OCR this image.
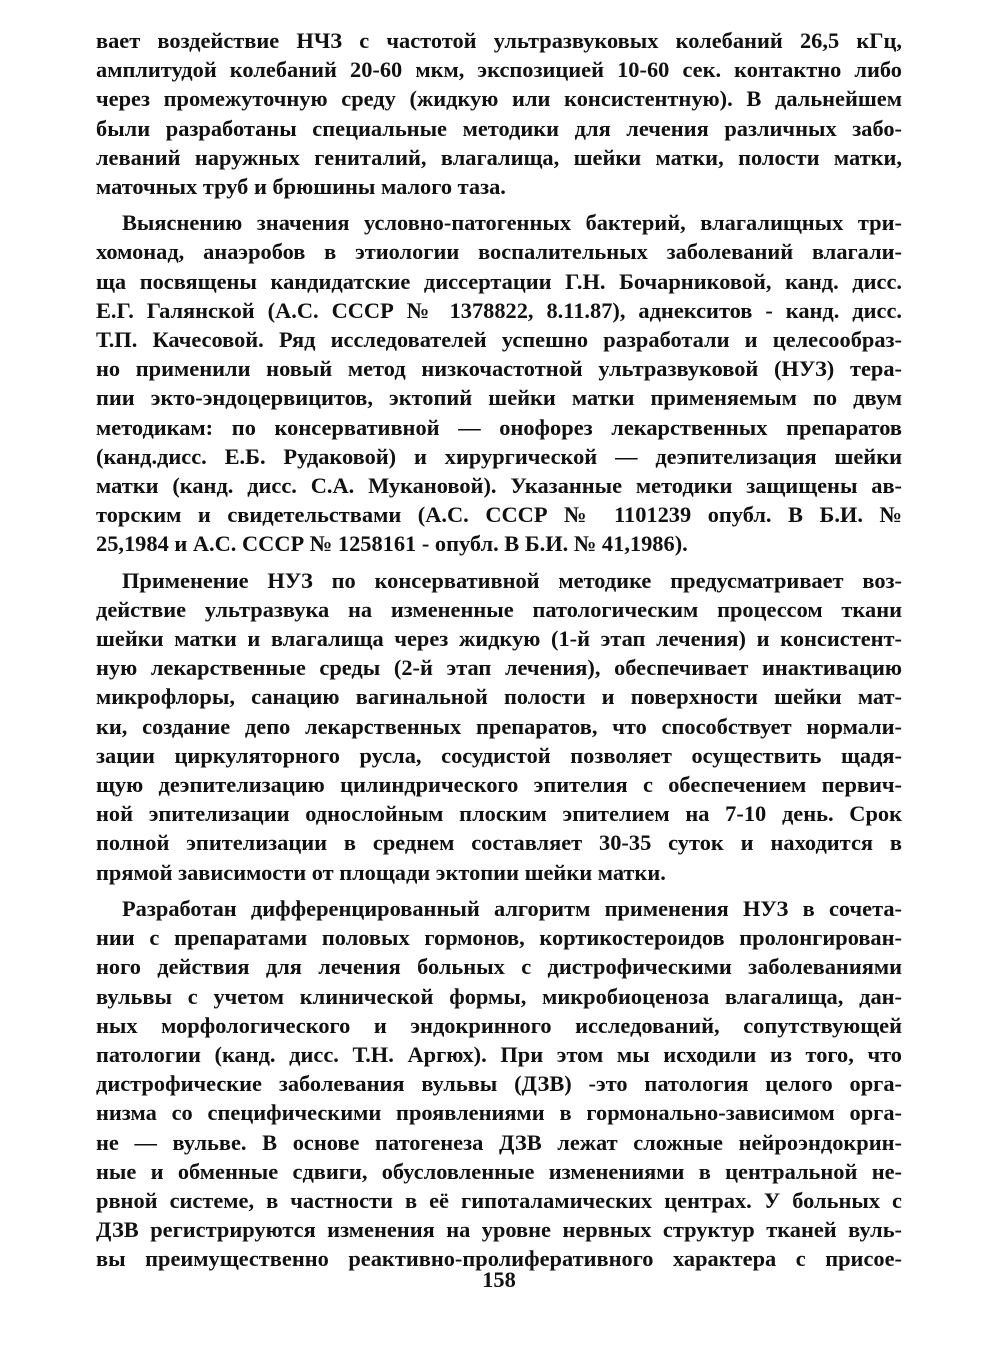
вает воздействие НЧЗ с частотой ультразвуковых колебаний 26,5 кГц,
амплитудой колебаний 20-60 мкм, экспозицией 10-60 сек. контактно либо
через промежуточную среду (жидкую или консистентную). В дальнейшем
были разработаны специальные методики для лечения различных забо-
леваний наружных гениталий, влагалища, шейки матки, полости матки,
маточных труб и брюшины малого таза.

Выяснению значения условно-патогенных бактерий, влагалищных три-
хомонад, анаэробов в этиологии воспалительных заболеваний влагали-
ща посвящены кандидатские диссертации Г.Н. Бочарниковой, канд. дисс.
Е.Г. Галянской (А.С. СССР № 1378822, 8.11.87), аднекситов - канд. дисс.
Т.П. Качесовой. Ряд исследователей успешно разработали и целесообраз-
но применили новый метод низкочастотной ультразвуковой (НУЗ) тера-
пии экто-эндоцервицитов, эктопий шейки матки применяемым по двум
методикам: по консервативной — онофорез лекарственных препаратов
(канд.дисс. Е.Б. Рудаковой) и хирургической — деэпителизация шейки
матки (канд. дисс. С.А. Мукановой). Указанные методики защищены ав-
торским и свидетельствами (А.С. СССР № 1101239 опубл. В Б.И. №
25,1984 и А.С. СССР № 1258161 - опубл. В Б.И. № 41,1986).

Применение НУЗ по консервативной методике предусматривает воз-
действие ультразвука на измененные патологическим процессом ткани
шейки матки и влагалища через жидкую (1-й этап лечения) и консистент-
ную лекарственные среды (2-й этап лечения), обеспечивает инактивацию
микрофлоры, санацию вагинальной полости и поверхности шейки мат-
ки, создание депо лекарственных препаратов, что способствует нормали-
зации циркуляторного русла, сосудистой позволяет осуществить щадя-
щую деэпителизацию цилиндрического эпителия с обеспечением первич-
ной эпителизации однослойным плоским эпителием на 7-10 день. Срок
полной эпителизации в среднем составляет 30-35 суток и находится в
прямой зависимости от площади эктопии шейки матки.

Разработан дифференцированный алгоритм применения НУЗ в сочета-
нии с препаратами половых гормонов, кортикостероидов пролонгирован-
ного действия для лечения больных с дистрофическими заболеваниями
вульвы с учетом клинической формы, микробиоценоза влагалища, дан-
ных морфологического и эндокринного исследований, сопутствующей
патологии (канд. дисс. Т.Н. Аргюх). При этом мы исходили из того, что
дистрофические заболевания вульвы (ДЗВ) -это патология целого орга-
низма со специфическими проявлениями в гормонально-зависимом орга-
не — вульве. В основе патогенеза ДЗВ лежат сложные нейроэндокрин-
ные и обменные сдвиги, обусловленные изменениями в центральной не-
рвной системе, в частности в её гипоталамических центрах. У больных с
ДЗВ регистрируются изменения на уровне нервных структур тканей вуль-
вы преимущественно реактивно-пролиферативного характера с присое-

158
